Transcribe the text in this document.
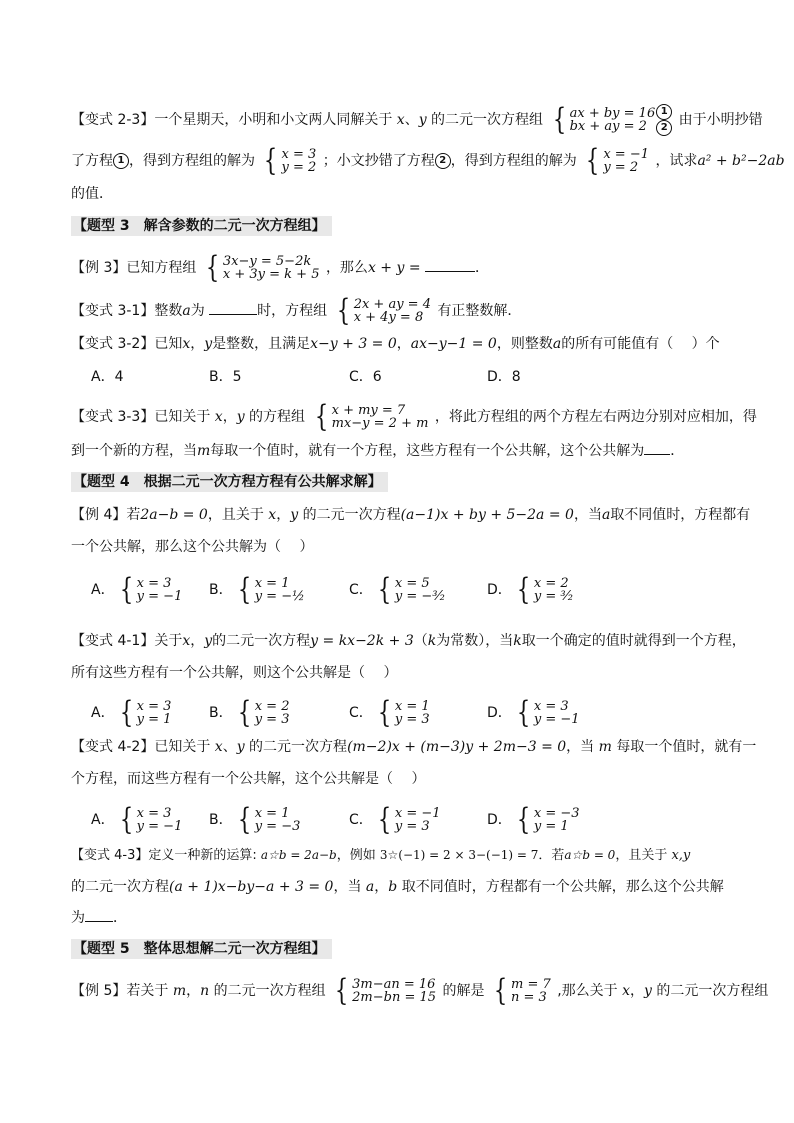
【变式 2-3】一个星期天，小明和小文两人同解关于 x、y 的二元一次方程组 { ax + by = 16
bx + ay = 2
1
2 由于小明抄错
了方程 1 ，得到方程组的解为 { x = 3
y = 2 ；小文抄错了方程 2 ，得到方程组的解为 { x = −1
y = 2	，试求a² + b²−2ab
的值．
【题型 3　解含参数的二元一次方程组】
【例 3】已知方程组 { 3x−y = 5−2k
x + 3y = k + 5 ，那么x + y =	．
【变式 3-1】整数a为	时，方程组 { 2x + ay = 4
x + 4y = 8	有正整数解．
【变式 3-2】已知x，y是整数，且满足x−y + 3 = 0，ax−y−1 = 0，则整数a的所有可能值有（　 ）个
A．4	B．5	C．6	D．8
【变式 3-3】已知关于 x，y 的方程组 { x + my = 7
mx−y = 2 + m ，将此方程组的两个方程左右两边分别对应相加，得
到一个新的方程，当m每取一个值时，就有一个方程，这些方程有一个公共解，这个公共解为 ．
【题型 4　根据二元一次方程方程有公共解求解】
【例 4】若2a−b = 0，且关于 x，y 的二元一次方程(a−1)x + by + 5−2a = 0，当a取不同值时，方程都有
一个公共解，那么这个公共解为（　 ）
A． { x = 3
y = −1 B． { x = 1
y = −½	C． { x = 5
y = −³⁄₂	D． { x = 2
y = ³⁄₂
【变式 4-1】关于x，y的二元一次方程y = kx−2k + 3（k为常数），当k取一个确定的值时就得到一个方程，
所有这些方程有一个公共解，则这个公共解是（　 ）
A． { x = 3
y = 1	B． { x = 2
y = 3	C． { x = 1
y = 3	D． { x = 3
y = −1
【变式 4-2】已知关于 x、y 的二元一次方程(m−2)x + (m−3)y + 2m−3 = 0，当 m 每取一个值时，就有一
个方程，而这些方程有一个公共解，这个公共解是（　 ）
A． { x = 3
y = −1 B． { x = 1
y = −3	C． { x = −1
y = 3	D． { x = −3
y = 1
【变式 4-3】定义一种新的运算: a☆b = 2a−b，例如 3☆(−1) = 2 × 3−(−1) = 7．若a☆b = 0，且关于 x,y
的二元一次方程(a + 1)x−by−a + 3 = 0，当 a，b 取不同值时，方程都有一个公共解，那么这个公共解
为 ．
【题型 5　整体思想解二元一次方程组】
【例 5】若关于 m，n 的二元一次方程组 { 3m−an = 16
2m−bn = 15 的解是 { m = 7
n = 3 ,那么关于 x，y 的二元一次方程组
